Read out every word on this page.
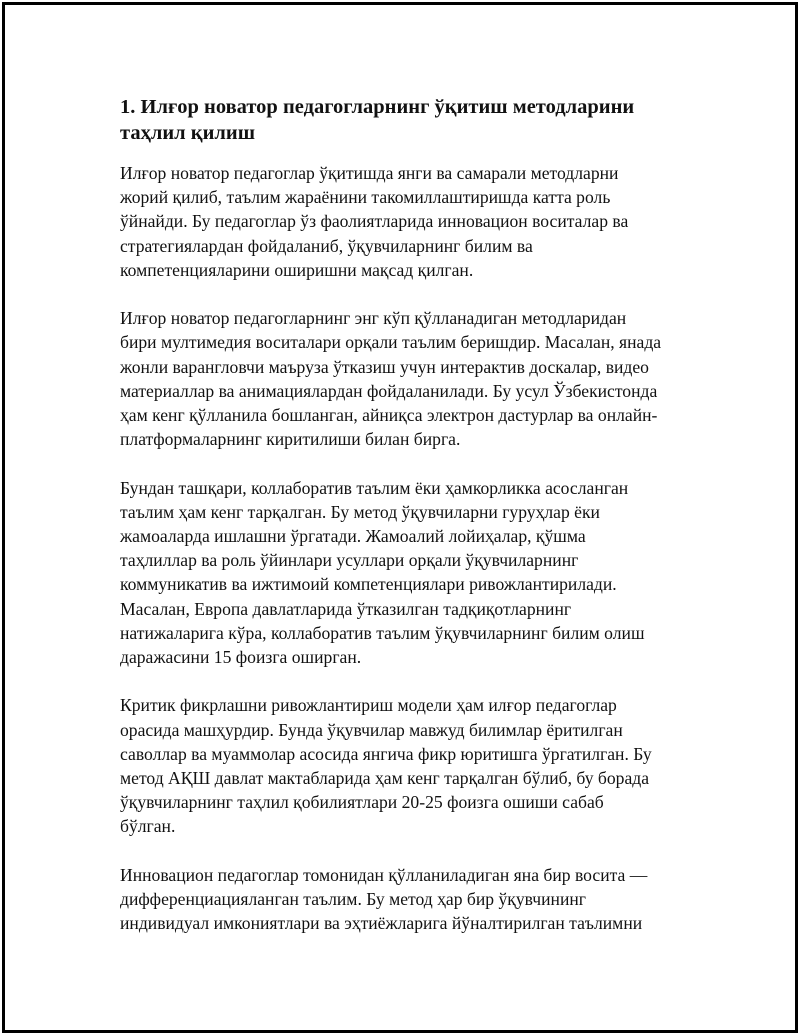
1. Илғор новатор педагогларнинг ўқитиш методларини
таҳлил қилиш

Илғор новатор педагоглар ўқитишда янги ва самарали методларни
жорий қилиб, таълим жараёнини такомиллаштиришда катта роль
ўйнайди. Бу педагоглар ўз фаолиятларида инновацион воситалар ва
стратегиялардан фойдаланиб, ўқувчиларнинг билим ва
компетенцияларини оширишни мақсад қилган.

Илғор новатор педагогларнинг энг кўп қўлланадиган методларидан
бири мултимедия воситалари орқали таълим беришдир. Масалан, янада
жонли варангловчи маъруза ўтказиш учун интерактив доскалар, видео
материаллар ва анимациялардан фойдаланилади. Бу усул Ўзбекистонда
ҳам кенг қўлланила бошланган, айниқса электрон дастурлар ва онлайн-
платформаларнинг киритилиши билан бирга.

Бундан ташқари, коллаборатив таълим ёки ҳамкорликка асосланган
таълим ҳам кенг тарқалган. Бу метод ўқувчиларни гуруҳлар ёки
жамоаларда ишлашни ўргатади. Жамоалий лойиҳалар, қўшма
таҳлиллар ва роль ўйинлари усуллари орқали ўқувчиларнинг
коммуникатив ва ижтимоий компетенциялари ривожлантирилади.
Масалан, Европа давлатларида ўтказилган тадқиқотларнинг
натижаларига кўра, коллаборатив таълим ўқувчиларнинг билим олиш
даражасини 15 фоизга оширган.

Критик фикрлашни ривожлантириш модели ҳам илғор педагоглар
орасида машҳурдир. Бунда ўқувчилар мавжуд билимлар ёритилган
саволлар ва муаммолар асосида янгича фикр юритишга ўргатилган. Бу
метод АҚШ давлат мактабларида ҳам кенг тарқалган бўлиб, бу борада
ўқувчиларнинг таҳлил қобилиятлари 20-25 фоизга ошиши сабаб
бўлган.

Инновацион педагоглар томонидан қўлланиладиган яна бир восита —
дифференциацияланган таълим. Бу метод ҳар бир ўқувчининг
индивидуал имкониятлари ва эҳтиёжларига йўналтирилган таълимни
